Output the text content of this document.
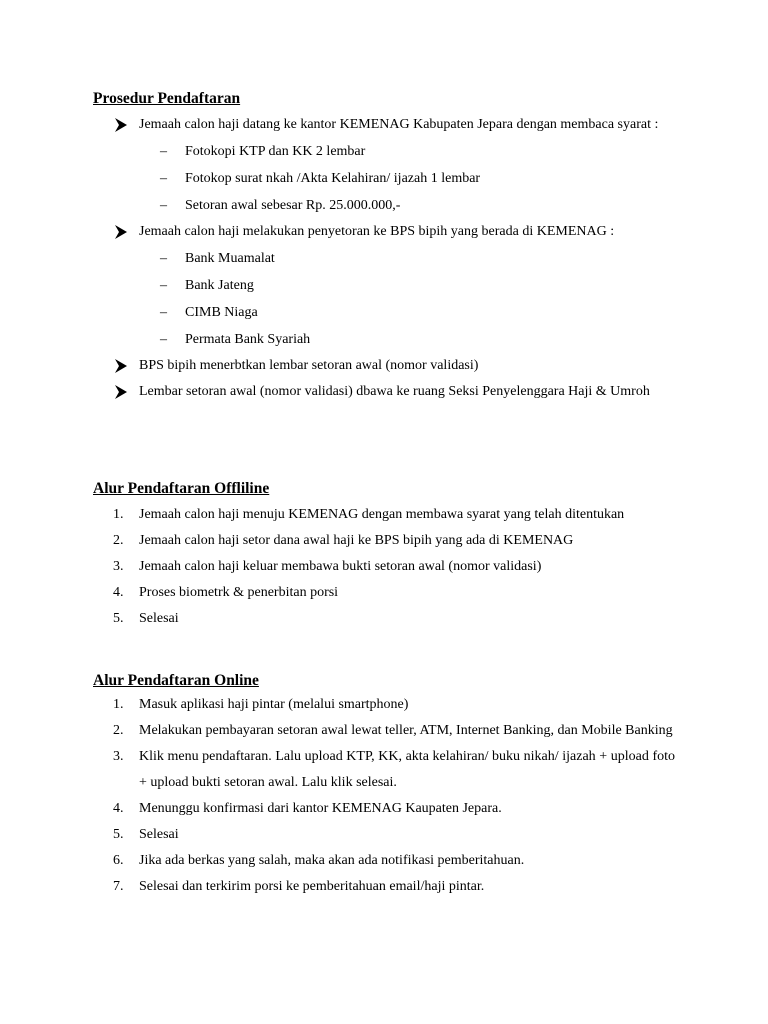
Prosedur Pendaftaran
Jemaah calon haji datang ke kantor KEMENAG Kabupaten Jepara dengan membaca syarat :
– Fotokopi KTP dan KK 2 lembar
– Fotokop surat nkah /Akta Kelahiran/ ijazah 1 lembar
– Setoran awal sebesar Rp. 25.000.000,-
Jemaah calon haji melakukan penyetoran ke BPS bipih yang berada di KEMENAG :
– Bank Muamalat
– Bank Jateng
– CIMB Niaga
– Permata Bank Syariah
BPS bipih menerbtkan lembar setoran awal (nomor validasi)
Lembar setoran awal (nomor validasi) dbawa ke ruang Seksi Penyelenggara Haji & Umroh
Alur Pendaftaran Offliline
1.	Jemaah calon haji menuju KEMENAG dengan membawa syarat yang telah ditentukan
2.	Jemaah calon haji setor dana awal haji ke BPS bipih yang ada di KEMENAG
3.	Jemaah calon haji keluar membawa bukti setoran awal (nomor validasi)
4.	Proses biometrk & penerbitan porsi
5.	Selesai
Alur Pendaftaran Online
1.	Masuk aplikasi haji pintar (melalui smartphone)
2.	Melakukan pembayaran setoran awal lewat teller, ATM, Internet Banking, dan Mobile Banking
3.	Klik menu pendaftaran. Lalu upload KTP, KK, akta kelahiran/ buku nikah/ ijazah + upload foto + upload bukti setoran awal. Lalu klik selesai.
4.	Menunggu konfirmasi dari kantor KEMENAG Kaupaten Jepara.
5.	Selesai
6.	Jika ada berkas yang salah, maka akan ada notifikasi pemberitahuan.
7.	Selesai dan terkirim porsi ke pemberitahuan email/haji pintar.
